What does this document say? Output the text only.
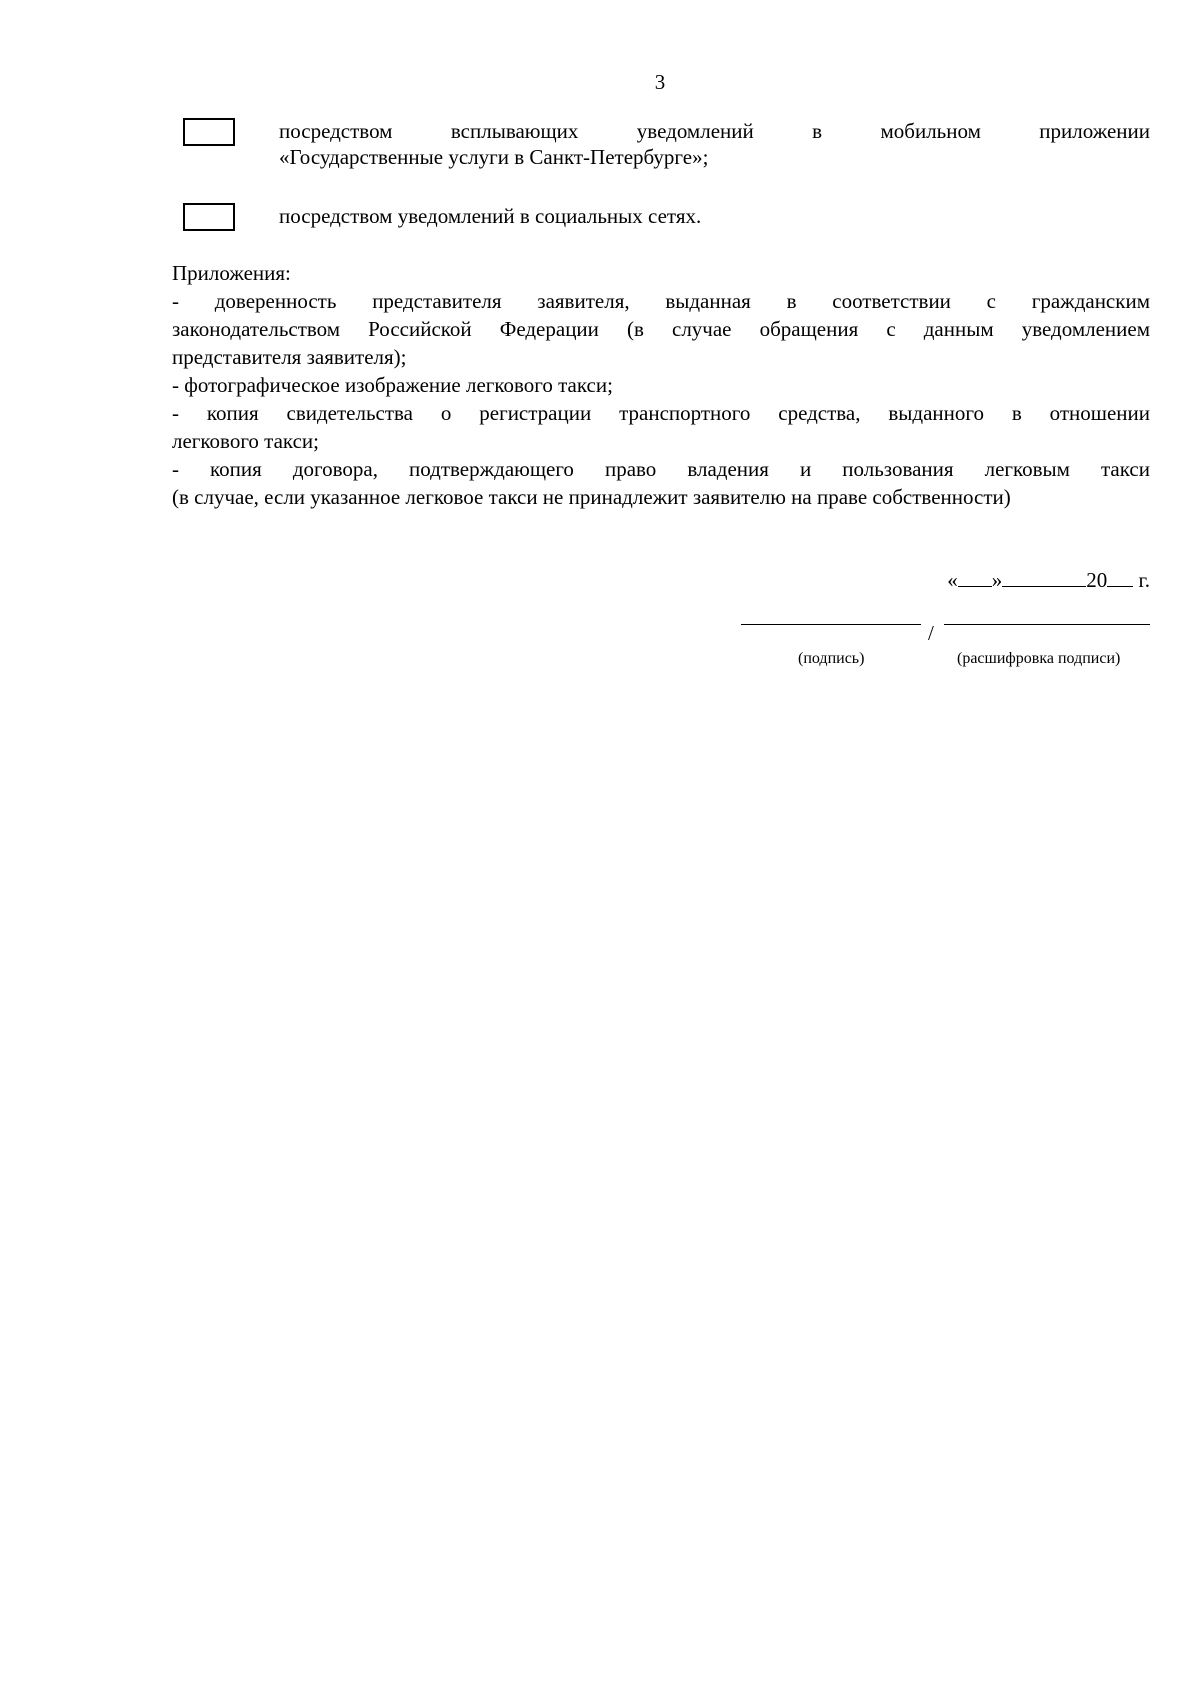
3
посредством всплывающих уведомлений в мобильном приложении
«Государственные услуги в Санкт-Петербурге»;
посредством уведомлений в социальных сетях.
Приложения:
- доверенность представителя заявителя, выданная в соответствии с гражданским
законодательством Российской Федерации (в случае обращения с данным уведомлением
представителя заявителя);
- фотографическое изображение легкового такси;
- копия свидетельства о регистрации транспортного средства, выданного в отношении
легкового такси;
- копия договора, подтверждающего право владения и пользования легковым такси
(в случае, если указанное легковое такси не принадлежит заявителю на праве собственности)
« »	20 г.
/
(подпись)	(расшифровка подписи)
